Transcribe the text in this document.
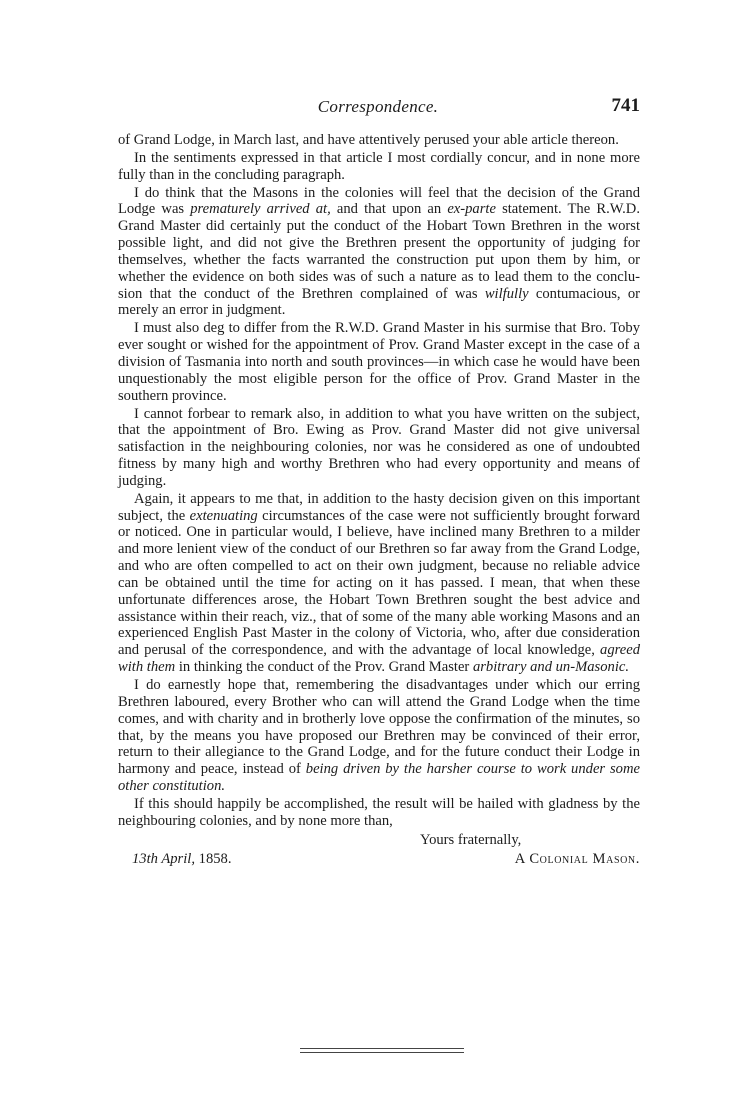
Correspondence.	741

of Grand Lodge, in March last, and have attentively perused your able article thereon.

In the sentiments expressed in that article I most cordially concur, and in none more fully than in the concluding paragraph.

I do think that the Masons in the colonies will feel that the decision of the Grand Lodge was prematurely arrived at, and that upon an ex-parte statement. The R.W.D. Grand Master did certainly put the conduct of the Hobart Town Brethren in the worst possible light, and did not give the Brethren present the opportunity of judging for themselves, whether the facts warranted the construction put upon them by him, or whether the evidence on both sides was of such a nature as to lead them to the conclusion that the conduct of the Brethren complained of was wilfully contumacious, or merely an error in judgment.

I must also deg to differ from the R.W.D. Grand Master in his surmise that Bro. Toby ever sought or wished for the appointment of Prov. Grand Master except in the case of a division of Tasmania into north and south provinces—in which case he would have been unquestionably the most eligible person for the office of Prov. Grand Master in the southern province.

I cannot forbear to remark also, in addition to what you have written on the subject, that the appointment of Bro. Ewing as Prov. Grand Master did not give universal satisfaction in the neighbouring colonies, nor was he considered as one of undoubted fitness by many high and worthy Brethren who had every opportunity and means of judging.

Again, it appears to me that, in addition to the hasty decision given on this important subject, the extenuating circumstances of the case were not sufficiently brought forward or noticed. One in particular would, I believe, have inclined many Brethren to a milder and more lenient view of the conduct of our Brethren so far away from the Grand Lodge, and who are often compelled to act on their own judgment, because no reliable advice can be obtained until the time for acting on it has passed. I mean, that when these unfortunate differences arose, the Hobart Town Brethren sought the best advice and assistance within their reach, viz., that of some of the many able working Masons and an experienced English Past Master in the colony of Victoria, who, after due consideration and perusal of the correspondence, and with the advantage of local knowledge, agreed with them in thinking the conduct of the Prov. Grand Master arbitrary and un-Masonic.

I do earnestly hope that, remembering the disadvantages under which our erring Brethren laboured, every Brother who can will attend the Grand Lodge when the time comes, and with charity and in brotherly love oppose the confirmation of the minutes, so that, by the means you have proposed our Brethren may be convinced of their error, return to their allegiance to the Grand Lodge, and for the future conduct their Lodge in harmony and peace, instead of being driven by the harsher course to work under some other constitution.

If this should happily be accomplished, the result will be hailed with gladness by the neighbouring colonies, and by none more than,

Yours fraternally,
13th April, 1858.	A Colonial Mason.
